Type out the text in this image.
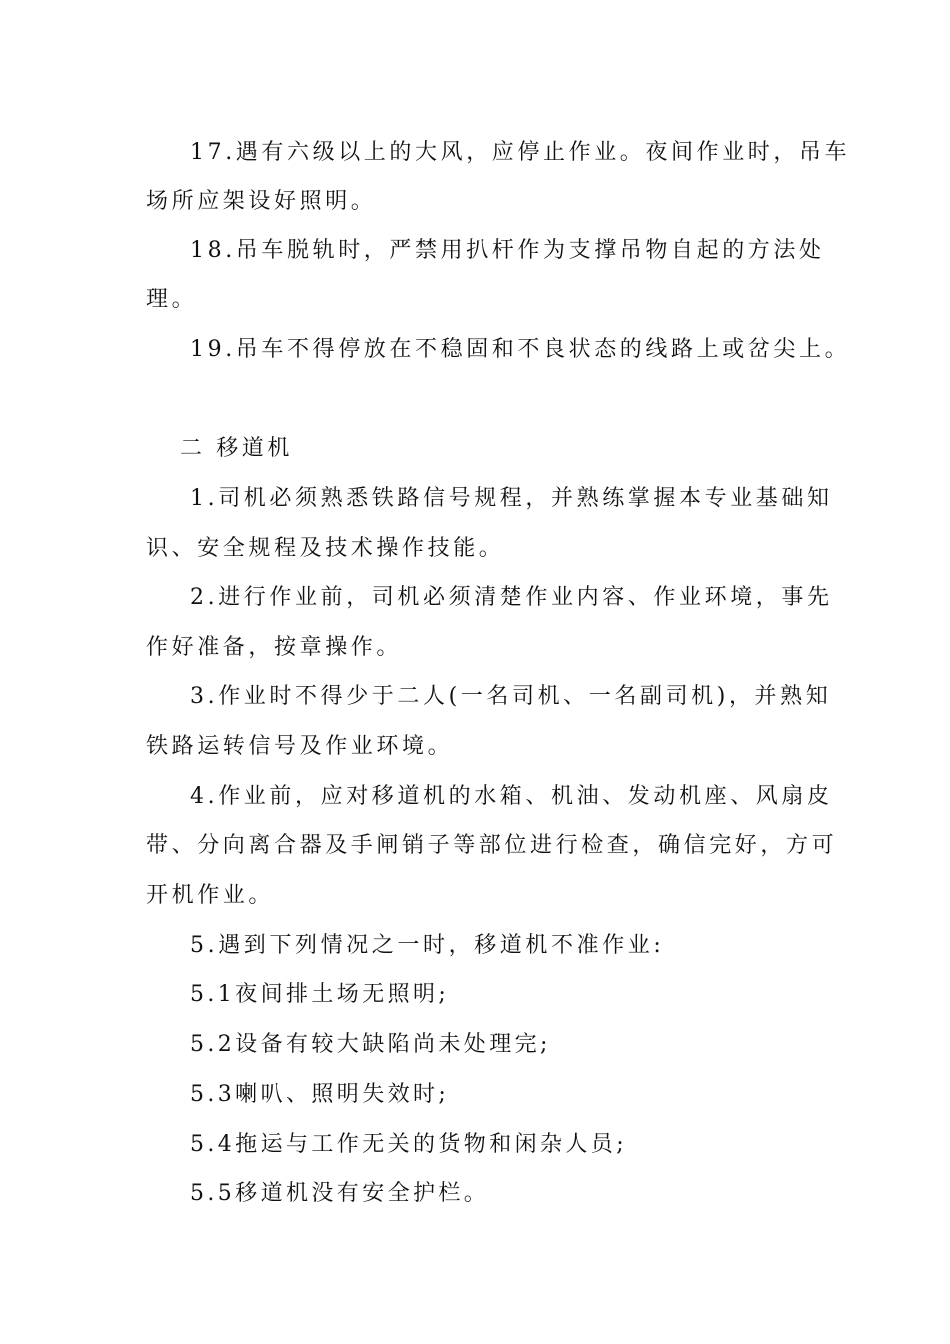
17.遇有六级以上的大风，应停止作业。夜间作业时，吊车
场所应架设好照明。
18.吊车脱轨时，严禁用扒杆作为支撑吊物自起的方法处
理。
19.吊车不得停放在不稳固和不良状态的线路上或岔尖上。
二 移道机
1.司机必须熟悉铁路信号规程，并熟练掌握本专业基础知
识、安全规程及技术操作技能。
2.进行作业前，司机必须清楚作业内容、作业环境，事先
作好准备，按章操作。
3.作业时不得少于二人(一名司机、一名副司机)，并熟知
铁路运转信号及作业环境。
4.作业前，应对移道机的水箱、机油、发动机座、风扇皮
带、分向离合器及手闸销子等部位进行检查，确信完好，方可
开机作业。
5.遇到下列情况之一时，移道机不准作业:
5.1夜间排土场无照明;
5.2设备有较大缺陷尚未处理完;
5.3喇叭、照明失效时;
5.4拖运与工作无关的货物和闲杂人员;
5.5移道机没有安全护栏。
